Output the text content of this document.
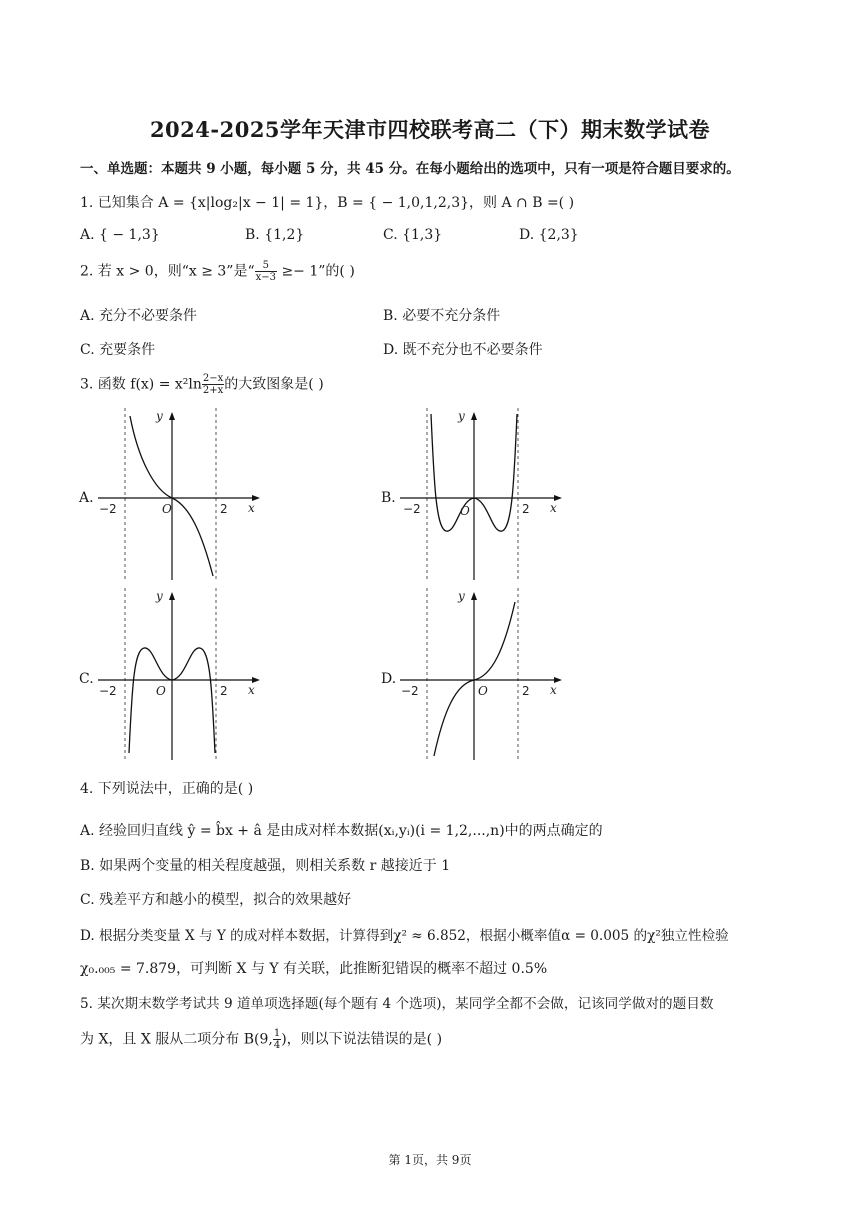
2024-2025学年天津市四校联考高二（下）期末数学试卷
一、单选题：本题共 9 小题，每小题 5 分，共 45 分。在每小题给出的选项中，只有一项是符合题目要求的。
1. 已知集合 A = {x|log₂|x − 1| = 1}，B = { − 1,0,1,2,3}，则 A ∩ B =( )
A. { − 1,3}	B. {1,2}	C. {1,3}	D. {2,3}
2. 若 x > 0，则“x ≥ 3”是“ $\frac{5}{x-3} \ge- 1$”的( )
A. 充分不必要条件	B. 必要不充分条件
C. 充要条件	D. 既不充分也不必要条件
3. 函数 $f(x) = x^2\ln \frac{2-x}{2+x}$ 的大致图象是( )
A.	B.
C.	D.
y
x
O
−2	2
y
x
O
−2	2
y
x
O
−2	2
y
x
O
−2	2
4. 下列说法中，正确的是( )
A. 经验回归直线 ŷ = b̂x + â 是由成对样本数据(xᵢ,yᵢ)(i = 1,2,...,n)中的两点确定的
B. 如果两个变量的相关程度越强，则相关系数 r 越接近于 1
C. 残差平方和越小的模型，拟合的效果越好
D. 根据分类变量 X 与 Y 的成对样本数据，计算得到χ² ≈ 6.852，根据小概率值α = 0.005 的χ²独立性检验
χ₀.₀₀₅ = 7.879，可判断 X 与 Y 有关联，此推断犯错误的概率不超过 0.5%
5. 某次期末数学考试共 9 道单项选择题(每个题有 4 个选项)，某同学全都不会做，记该同学做对的题目数
为 X，且 X 服从二项分布 B(9, $\frac{1}{4}$ )，则以下说法错误的是( )
第 1页，共 9页
